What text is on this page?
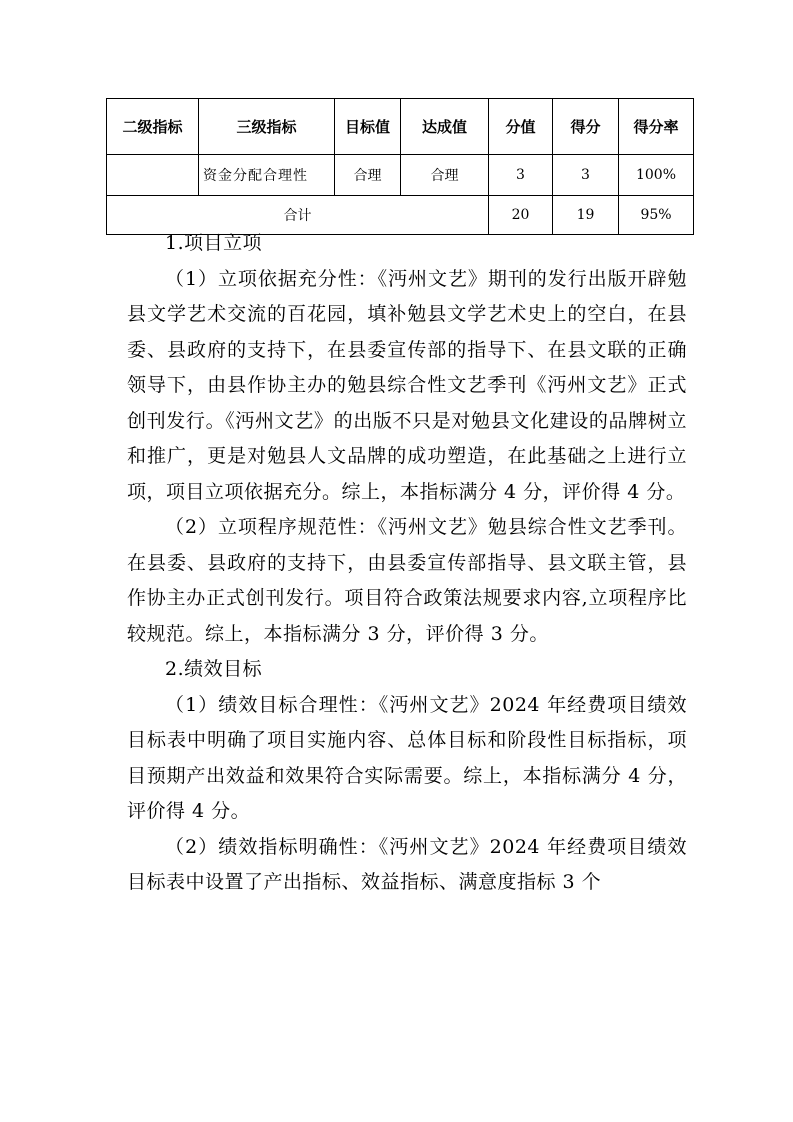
二级指标	三级指标	目标值	达成值	分值	得分	得分率
	资金分配合理性	合理	合理	3	3	100%
合计				20	19	95%

1.项目立项

（1）立项依据充分性：《沔州文艺》期刊的发行出版开辟勉县文学艺术交流的百花园，填补勉县文学艺术史上的空白，在县委、县政府的支持下，在县委宣传部的指导下、在县文联的正确领导下，由县作协主办的勉县综合性文艺季刊《沔州文艺》正式创刊发行。《沔州文艺》的出版不只是对勉县文化建设的品牌树立和推广，更是对勉县人文品牌的成功塑造，在此基础之上进行立项，项目立项依据充分。综上，本指标满分 4 分，评价得 4 分。

（2）立项程序规范性：《沔州文艺》勉县综合性文艺季刊。在县委、县政府的支持下，由县委宣传部指导、县文联主管，县作协主办正式创刊发行。项目符合政策法规要求内容,立项程序比较规范。综上，本指标满分 3 分，评价得 3 分。

2.绩效目标

（1）绩效目标合理性：《沔州文艺》2024 年经费项目绩效目标表中明确了项目实施内容、总体目标和阶段性目标指标，项目预期产出效益和效果符合实际需要。综上，本指标满分 4 分，评价得 4 分。

（2）绩效指标明确性：《沔州文艺》2024 年经费项目绩效目标表中设置了产出指标、效益指标、满意度指标 3 个
